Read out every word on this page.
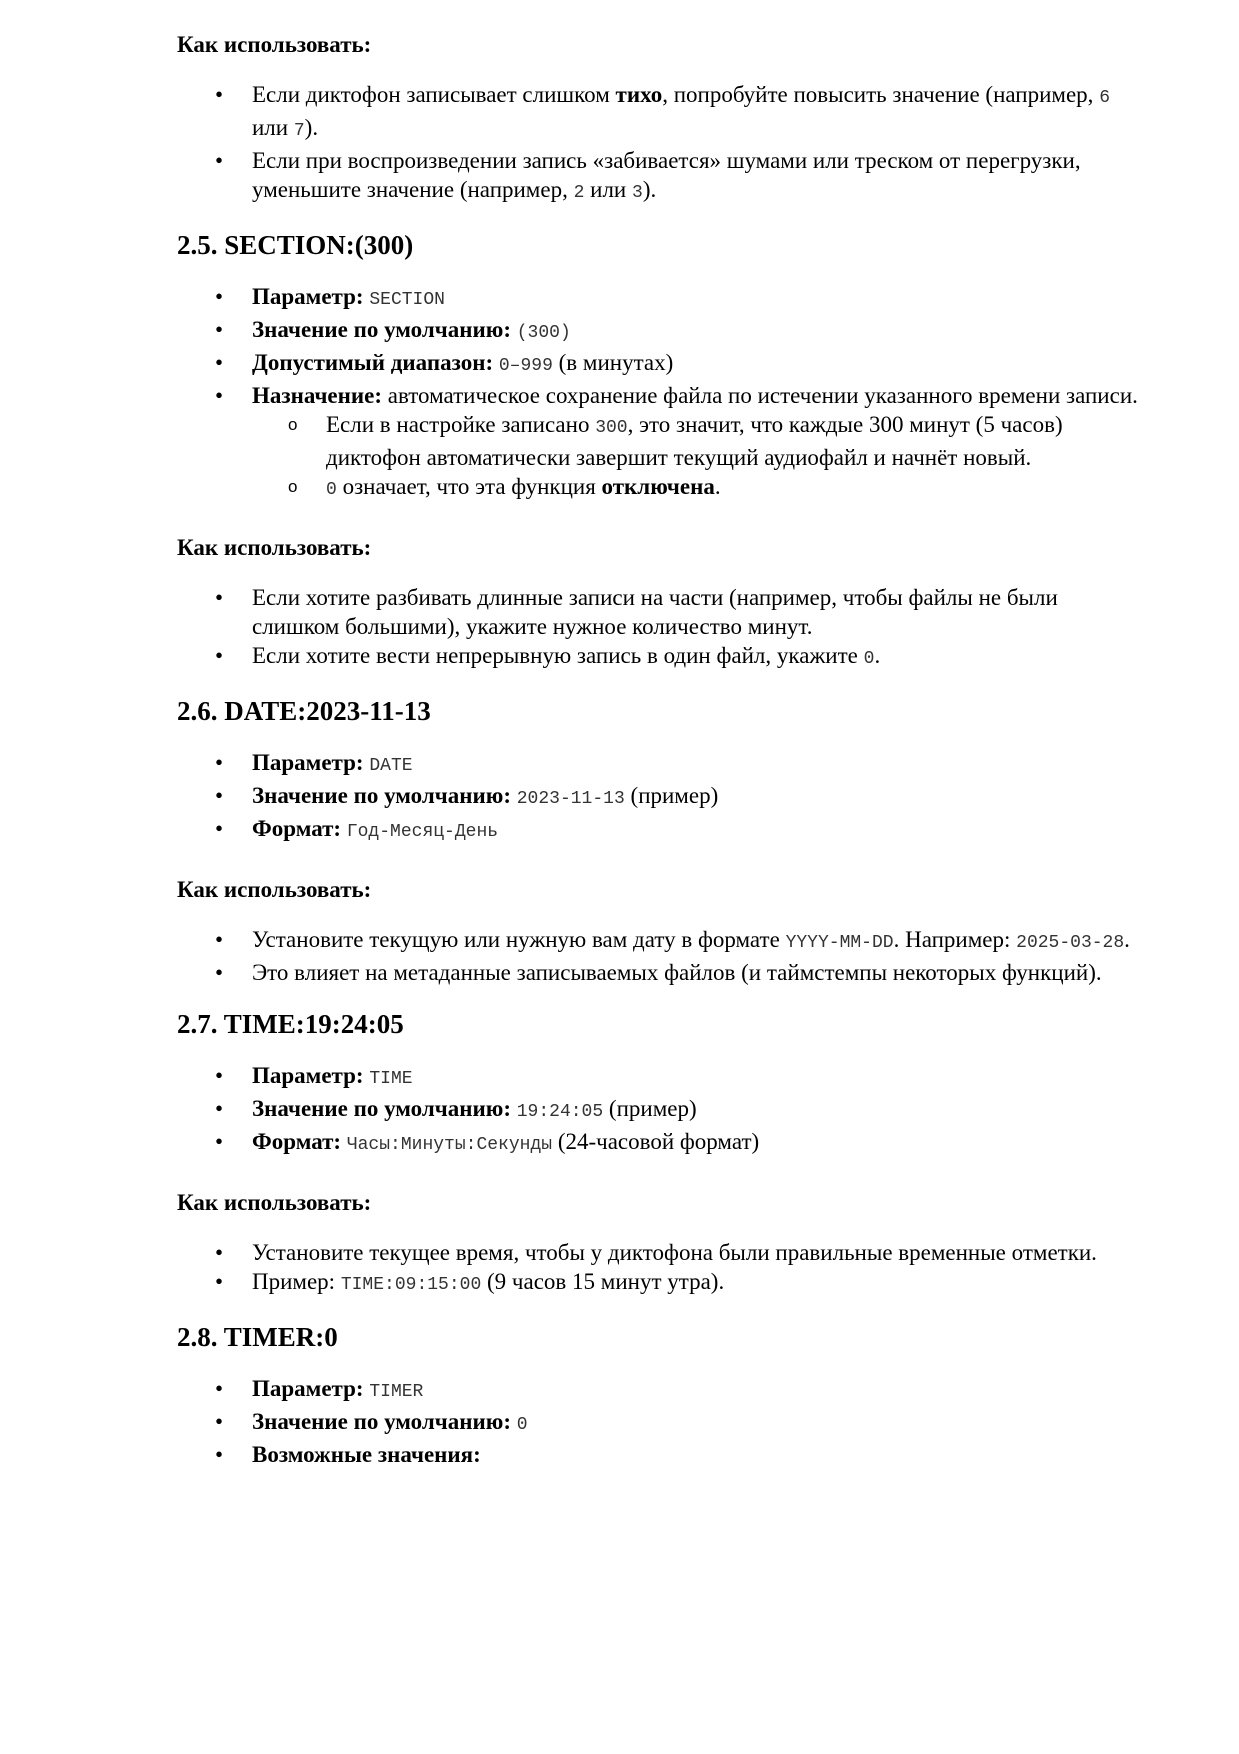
Как использовать:

• Если диктофон записывает слишком тихо, попробуйте повысить значение (например, 6 или 7).
• Если при воспроизведении запись «забивается» шумами или треском от перегрузки, уменьшите значение (например, 2 или 3).
2.5. SECTION:(300)
• Параметр: SECTION
• Значение по умолчанию: (300)
• Допустимый диапазон: 0–999 (в минутах)
• Назначение: автоматическое сохранение файла по истечении указанного времени записи.
o Если в настройке записано 300, это значит, что каждые 300 минут (5 часов) диктофон автоматически завершит текущий аудиофайл и начнёт новый.
o 0 означает, что эта функция отключена.

Как использовать:

• Если хотите разбивать длинные записи на части (например, чтобы файлы не были слишком большими), укажите нужное количество минут.
• Если хотите вести непрерывную запись в один файл, укажите 0.
2.6. DATE:2023-11-13
• Параметр: DATE
• Значение по умолчанию: 2023-11-13 (пример)
• Формат: Год-Месяц-День

Как использовать:

• Установите текущую или нужную вам дату в формате YYYY-MM-DD. Например: 2025-03-28.
• Это влияет на метаданные записываемых файлов (и таймстемпы некоторых функций).
2.7. TIME:19:24:05
• Параметр: TIME
• Значение по умолчанию: 19:24:05 (пример)
• Формат: Часы:Минуты:Секунды (24-часовой формат)

Как использовать:

• Установите текущее время, чтобы у диктофона были правильные временные отметки.
• Пример: TIME:09:15:00 (9 часов 15 минут утра).
2.8. TIMER:0
• Параметр: TIMER
• Значение по умолчанию: 0
• Возможные значения:
